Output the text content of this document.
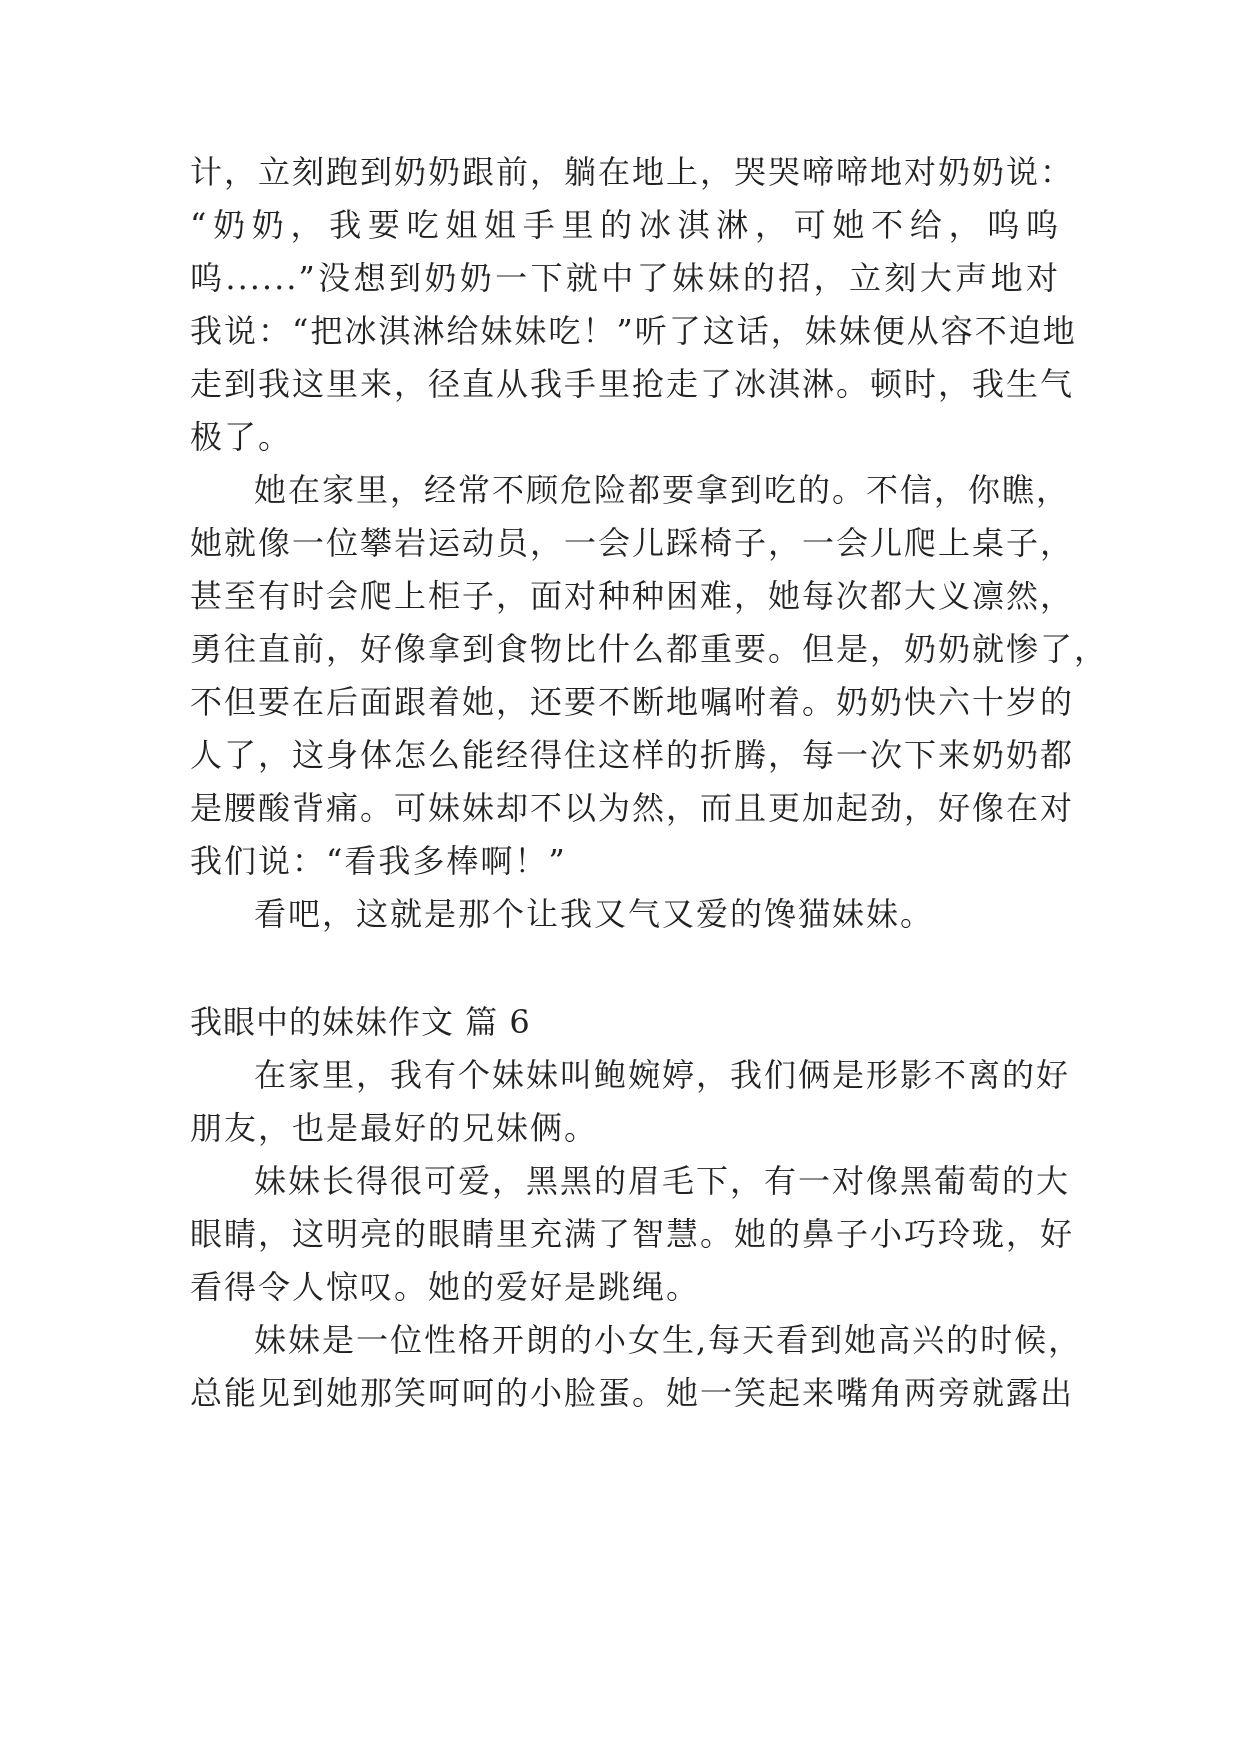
计，立刻跑到奶奶跟前，躺在地上，哭哭啼啼地对奶奶说：
“奶奶，我要吃姐姐手里的冰淇淋，可她不给，呜呜
呜......”没想到奶奶一下就中了妹妹的招，立刻大声地对
我说：“把冰淇淋给妹妹吃！”听了这话，妹妹便从容不迫地
走到我这里来，径直从我手里抢走了冰淇淋。顿时，我生气
极了。
她在家里，经常不顾危险都要拿到吃的。不信，你瞧，
她就像一位攀岩运动员，一会儿踩椅子，一会儿爬上桌子，
甚至有时会爬上柜子，面对种种困难，她每次都大义凛然，
勇往直前，好像拿到食物比什么都重要。但是，奶奶就惨了，
不但要在后面跟着她，还要不断地嘱咐着。奶奶快六十岁的
人了，这身体怎么能经得住这样的折腾，每一次下来奶奶都
是腰酸背痛。可妹妹却不以为然，而且更加起劲，好像在对
我们说：“看我多棒啊！”
看吧，这就是那个让我又气又爱的馋猫妹妹。
我眼中的妹妹作文 篇 6
在家里，我有个妹妹叫鲍婉婷，我们俩是形影不离的好
朋友，也是最好的兄妹俩。
妹妹长得很可爱，黑黑的眉毛下，有一对像黑葡萄的大
眼睛，这明亮的眼睛里充满了智慧。她的鼻子小巧玲珑，好
看得令人惊叹。她的爱好是跳绳。
妹妹是一位性格开朗的小女生,每天看到她高兴的时候，
总能见到她那笑呵呵的小脸蛋。她一笑起来嘴角两旁就露出
